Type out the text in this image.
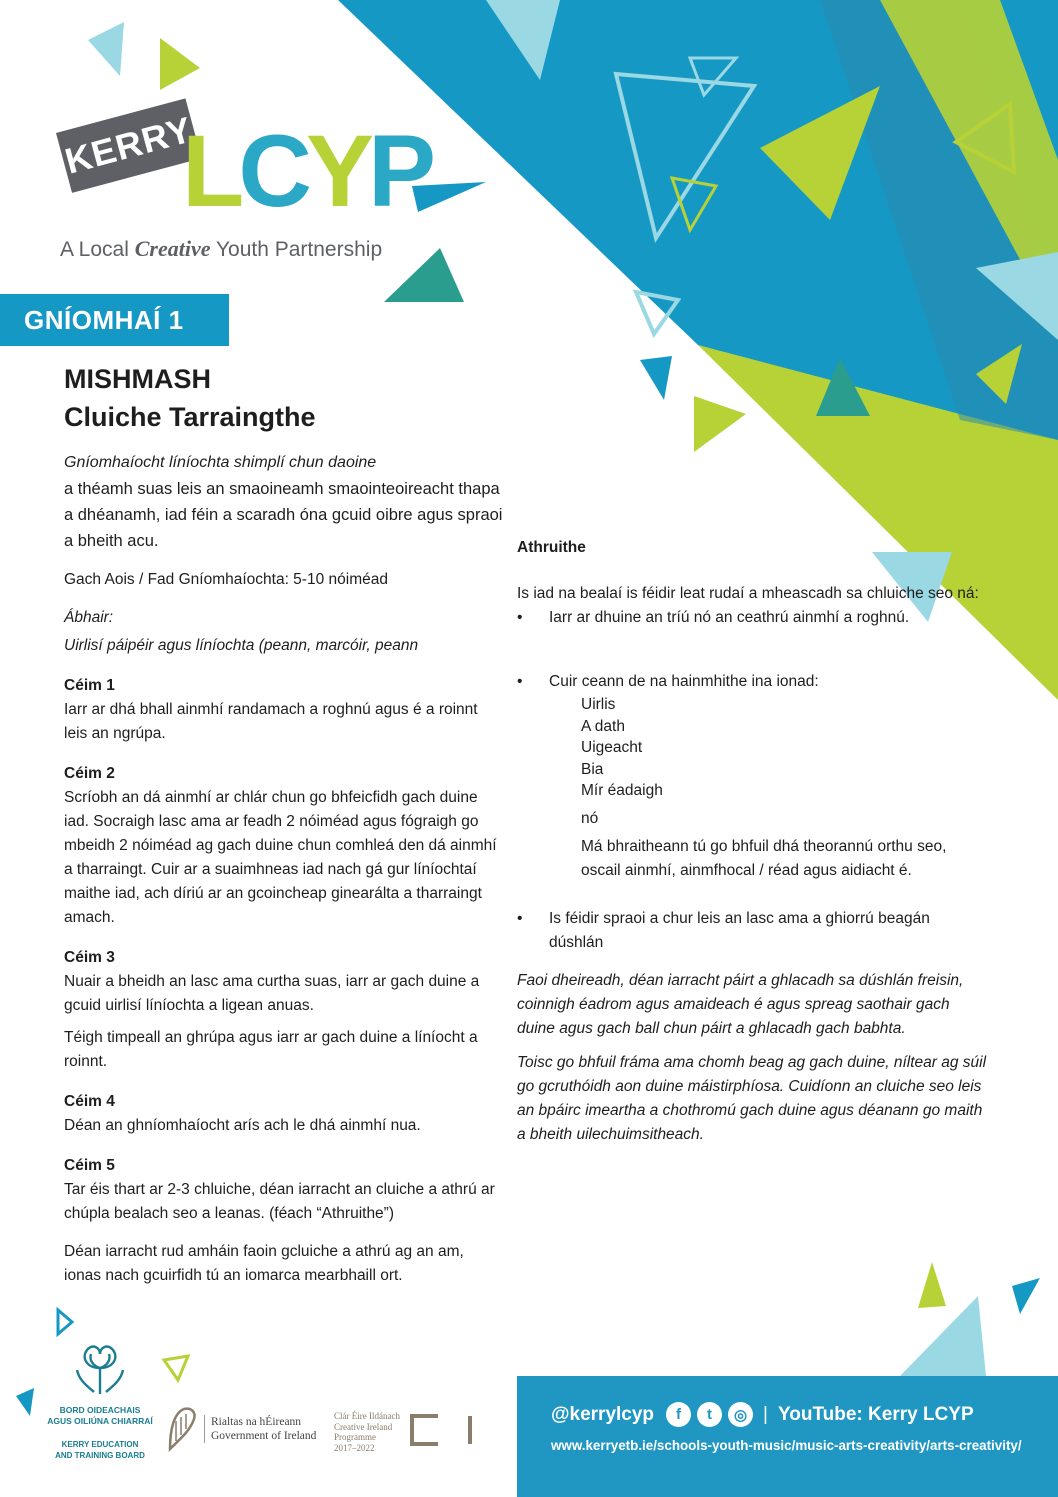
KERRY
LCYP
A Local Creative Youth Partnership
GNÍOMHAÍ 1
MISHMASH
Cluiche Tarraingthe
Gníomhaíocht líníochta shimplí chun daoine
a théamh suas leis an smaoineamh smaointeoireacht thapa a dhéanamh, iad féin a scaradh óna gcuid oibre agus spraoi a bheith acu.
Gach Aois / Fad Gníomhaíochta: 5-10 nóiméad
Ábhair:
Uirlisí páipéir agus líníochta (peann, marcóir, peann
Céim 1
Iarr ar dhá bhall ainmhí randamach a roghnú agus é a roinnt leis an ngrúpa.
Céim 2
Scríobh an dá ainmhí ar chlár chun go bhfeicfidh gach duine iad. Socraigh lasc ama ar feadh 2 nóiméad agus fógraigh go mbeidh 2 nóiméad ag gach duine chun comhleá den dá ainmhí a tharraingt. Cuir ar a suaimhneas iad nach gá gur líníochtaí maithe iad, ach díriú ar an gcoincheap ginearálta a tharraingt amach.
Céim 3
Nuair a bheidh an lasc ama curtha suas, iarr ar gach duine a gcuid uirlisí líníochta a ligean anuas.
Téigh timpeall an ghrúpa agus iarr ar gach duine a líníocht a roinnt.
Céim 4
Déan an ghníomhaíocht arís ach le dhá ainmhí nua.
Céim 5
Tar éis thart ar 2-3 chluiche, déan iarracht an cluiche a athrú ar chúpla bealach seo a leanas. (féach “Athruithe”)
Déan iarracht rud amháin faoin gcluiche a athrú ag an am, ionas nach gcuirfidh tú an iomarca mearbhaill ort.
Athruithe
Is iad na bealaí is féidir leat rudaí a mheascadh sa chluiche seo ná:
•	Iarr ar dhuine an tríú nó an ceathrú ainmhí a roghnú.
•	Cuir ceann de na hainmhithe ina ionad:
Uirlis
A dath
Uigeacht
Bia
Mír éadaigh
nó
Má bhraitheann tú go bhfuil dhá theorannú orthu seo, oscail ainmhí, ainmfhocal / réad agus aidiacht é.
•	Is féidir spraoi a chur leis an lasc ama a ghiorrú beagán dúshlán
Faoi dheireadh, déan iarracht páirt a ghlacadh sa dúshlán freisin, coinnigh éadrom agus amaideach é agus spreag saothair gach duine agus gach ball chun páirt a ghlacadh gach babhta.
Toisc go bhfuil fráma ama chomh beag ag gach duine, níltear ag súil go gcruthóidh aon duine máistirphíosa. Cuidíonn an cluiche seo leis an bpáirc imeartha a chothromú gach duine agus déanann go maith a bheith uilechuimsitheach.
BORD OIDEACHAIS
AGUS OILIÚNA CHIARRAÍ
KERRY EDUCATION
AND TRAINING BOARD
Rialtas na hÉireann
Government of Ireland
Clár Éire Ildánach
Creative Ireland
Programme
2017–2022
@kerrylcyp	f	t	◎ | YouTube: Kerry LCYP
www.kerryetb.ie/schools-youth-music/music-arts-creativity/arts-creativity/
